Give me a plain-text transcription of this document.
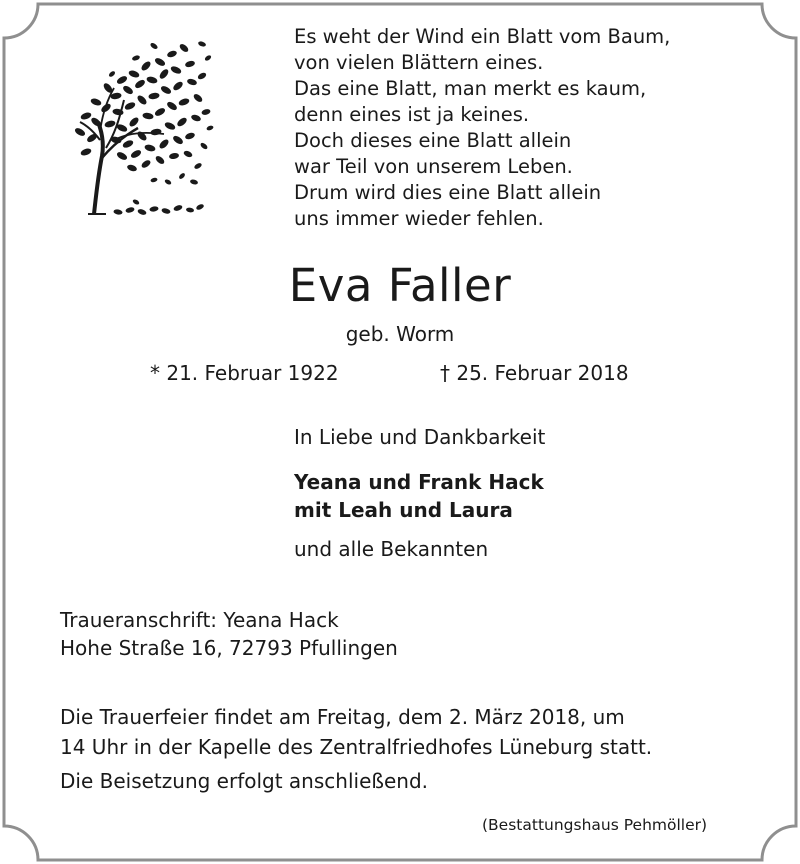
Es weht der Wind ein Blatt vom Baum,
von vielen Blättern eines.
Das eine Blatt, man merkt es kaum,
denn eines ist ja keines.
Doch dieses eine Blatt allein
war Teil von unserem Leben.
Drum wird dies eine Blatt allein
uns immer wieder fehlen.
Eva Faller
geb. Worm
* 21. Februar 1922	† 25. Februar 2018
In Liebe und Dankbarkeit
Yeana und Frank Hack
mit Leah und Laura
und alle Bekannten
Traueranschrift: Yeana Hack
Hohe Straße 16, 72793 Pfullingen
Die Trauerfeier findet am Freitag, dem 2. März 2018, um
14 Uhr in der Kapelle des Zentralfriedhofes Lüneburg statt.
Die Beisetzung erfolgt anschließend.
(Bestattungshaus Pehmöller)
